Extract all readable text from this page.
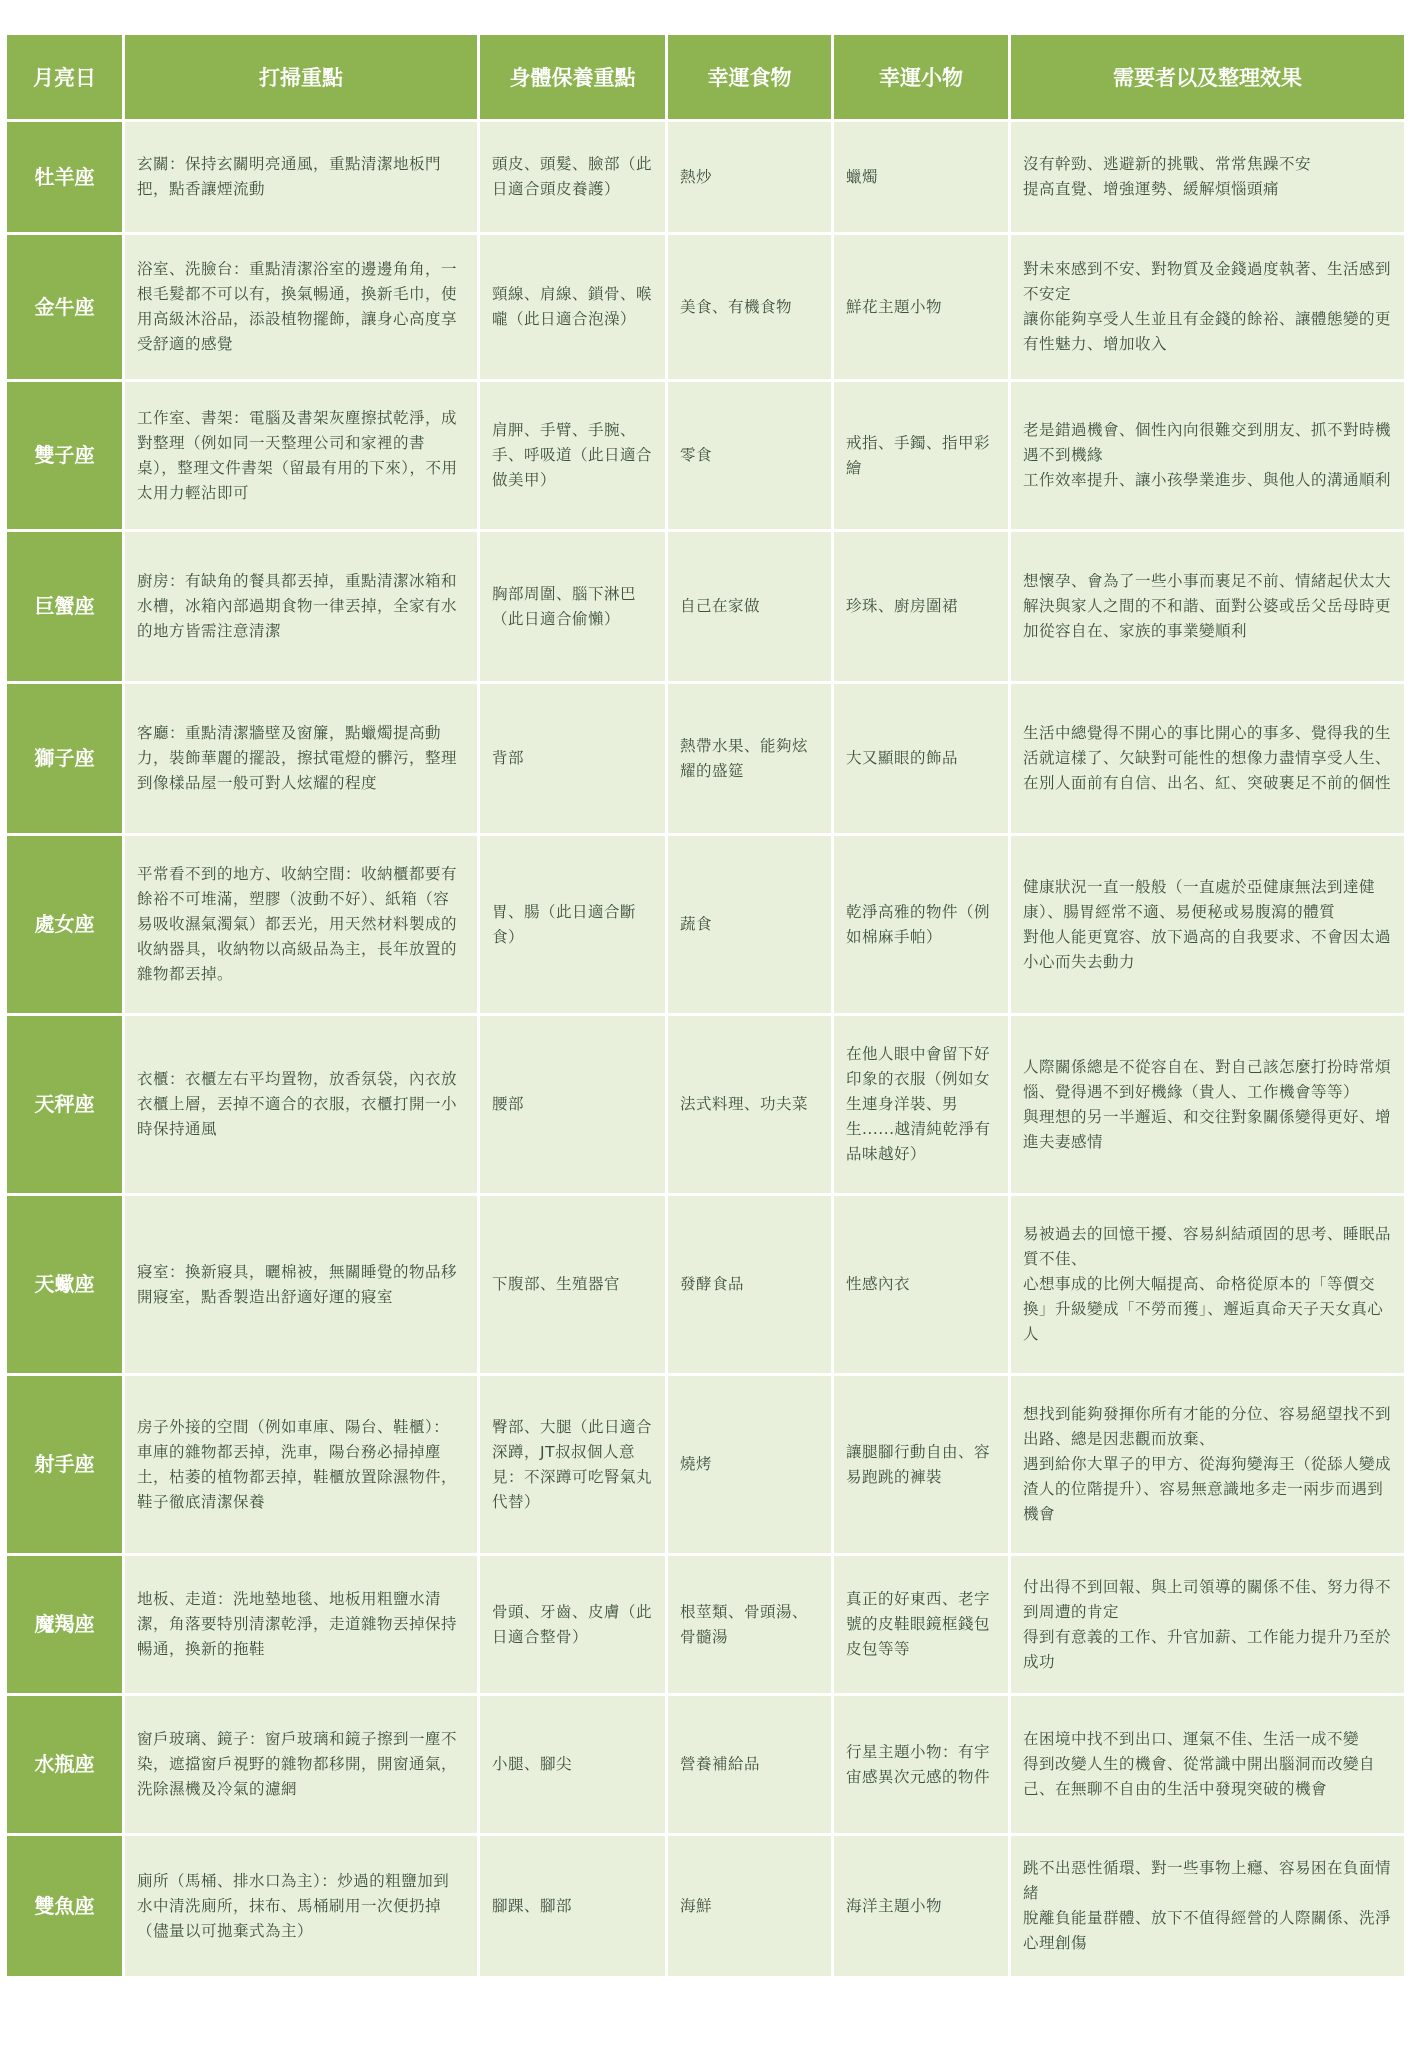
月亮日	打掃重點	身體保養重點	幸運食物	幸運小物	需要者以及整理效果
牡羊座	玄關：保持玄關明亮通風，重點清潔地板門把，點香讓煙流動	頭皮、頭髮、臉部（此日適合頭皮養護）	熱炒	蠟燭	沒有幹勁、逃避新的挑戰、常常焦躁不安
提高直覺、增強運勢、緩解煩惱頭痛

金牛座	浴室、洗臉台：重點清潔浴室的邊邊角角，一根毛髮都不可以有，換氣暢通，換新毛巾，使用高級沐浴品，添設植物擺飾，讓身心高度享受舒適的感覺	頸線、肩線、鎖骨、喉嚨（此日適合泡澡）	美食、有機食物	鮮花主題小物	對未來感到不安、對物質及金錢過度執著、生活感到不安定
讓你能夠享受人生並且有金錢的餘裕、讓體態變的更有性魅力、增加收入

雙子座	工作室、書架：電腦及書架灰塵擦拭乾淨，成對整理（例如同一天整理公司和家裡的書桌），整理文件書架（留最有用的下來），不用太用力輕沾即可	肩胛、手臂、手腕、手、呼吸道（此日適合做美甲）	零食	戒指、手鐲、指甲彩繪	老是錯過機會、個性內向很難交到朋友、抓不對時機遇不到機緣
工作效率提升、讓小孩學業進步、與他人的溝通順利

巨蟹座	廚房：有缺角的餐具都丟掉，重點清潔冰箱和水槽，冰箱內部過期食物一律丟掉，全家有水的地方皆需注意清潔	胸部周圍、腦下淋巴（此日適合偷懶）	自己在家做	珍珠、廚房圍裙	想懷孕、會為了一些小事而裹足不前、情緒起伏太大
解決與家人之間的不和諧、面對公婆或岳父岳母時更加從容自在、家族的事業變順利

獅子座	客廳：重點清潔牆壁及窗簾，點蠟燭提高動力，裝飾華麗的擺設，擦拭電燈的髒污，整理到像樣品屋一般可對人炫耀的程度	背部	熱帶水果、能夠炫耀的盛筵	大又顯眼的飾品	生活中總覺得不開心的事比開心的事多、覺得我的生活就這樣了、欠缺對可能性的想像力盡情享受人生、在別人面前有自信、出名、紅、突破裹足不前的個性

處女座	平常看不到的地方、收納空間：收納櫃都要有餘裕不可堆滿，塑膠（波動不好）、紙箱（容易吸收濕氣濁氣）都丟光，用天然材料製成的收納器具，收納物以高級品為主，長年放置的雜物都丟掉。	胃、腸（此日適合斷食）	蔬食	乾淨高雅的物件（例如棉麻手帕）	健康狀況一直一般般（一直處於亞健康無法到達健康）、腸胃經常不適、易便秘或易腹瀉的體質
對他人能更寬容、放下過高的自我要求、不會因太過小心而失去動力

天秤座	衣櫃：衣櫃左右平均置物，放香氛袋，內衣放衣櫃上層，丟掉不適合的衣服，衣櫃打開一小時保持通風	腰部	法式料理、功夫菜	在他人眼中會留下好印象的衣服（例如女生連身洋裝、男生......越清純乾淨有品味越好）	人際關係總是不從容自在、對自己該怎麼打扮時常煩惱、覺得遇不到好機緣（貴人、工作機會等等）
與理想的另一半邂逅、和交往對象關係變得更好、增進夫妻感情

天蠍座	寢室：換新寢具，曬棉被，無關睡覺的物品移開寢室，點香製造出舒適好運的寢室	下腹部、生殖器官	發酵食品	性感內衣	易被過去的回憶干擾、容易糾結頑固的思考、睡眠品質不佳、
心想事成的比例大幅提高、命格從原本的「等價交換」升級變成「不勞而獲」、邂逅真命天子天女真心人

射手座	房子外接的空間（例如車庫、陽台、鞋櫃）：車庫的雜物都丟掉，洗車，陽台務必掃掉塵土，枯萎的植物都丟掉，鞋櫃放置除濕物件，鞋子徹底清潔保養	臀部、大腿（此日適合深蹲，JT叔叔個人意見：不深蹲可吃腎氣丸代替）	燒烤	讓腿腳行動自由、容易跑跳的褲裝	想找到能夠發揮你所有才能的分位、容易絕望找不到出路、總是因悲觀而放棄、
遇到給你大單子的甲方、從海狗變海王（從舔人變成渣人的位階提升）、容易無意識地多走一兩步而遇到機會

魔羯座	地板、走道：洗地墊地毯、地板用粗鹽水清潔，角落要特別清潔乾淨，走道雜物丟掉保持暢通，換新的拖鞋	骨頭、牙齒、皮膚（此日適合整骨）	根莖類、骨頭湯、骨髓湯	真正的好東西、老字號的皮鞋眼鏡框錢包皮包等等	付出得不到回報、與上司領導的關係不佳、努力得不到周遭的肯定
得到有意義的工作、升官加薪、工作能力提升乃至於成功

水瓶座	窗戶玻璃、鏡子：窗戶玻璃和鏡子擦到一塵不染，遮擋窗戶視野的雜物都移開，開窗通氣，洗除濕機及冷氣的濾網	小腿、腳尖	營養補給品	行星主題小物：有宇宙感異次元感的物件	在困境中找不到出口、運氣不佳、生活一成不變
得到改變人生的機會、從常識中開出腦洞而改變自己、在無聊不自由的生活中發現突破的機會

雙魚座	廁所（馬桶、排水口為主）：炒過的粗鹽加到水中清洗廁所，抹布、馬桶刷用一次便扔掉（儘量以可拋棄式為主）	腳踝、腳部	海鮮	海洋主題小物	跳不出惡性循環、對一些事物上癮、容易困在負面情緒
脫離負能量群體、放下不值得經營的人際關係、洗淨心理創傷
